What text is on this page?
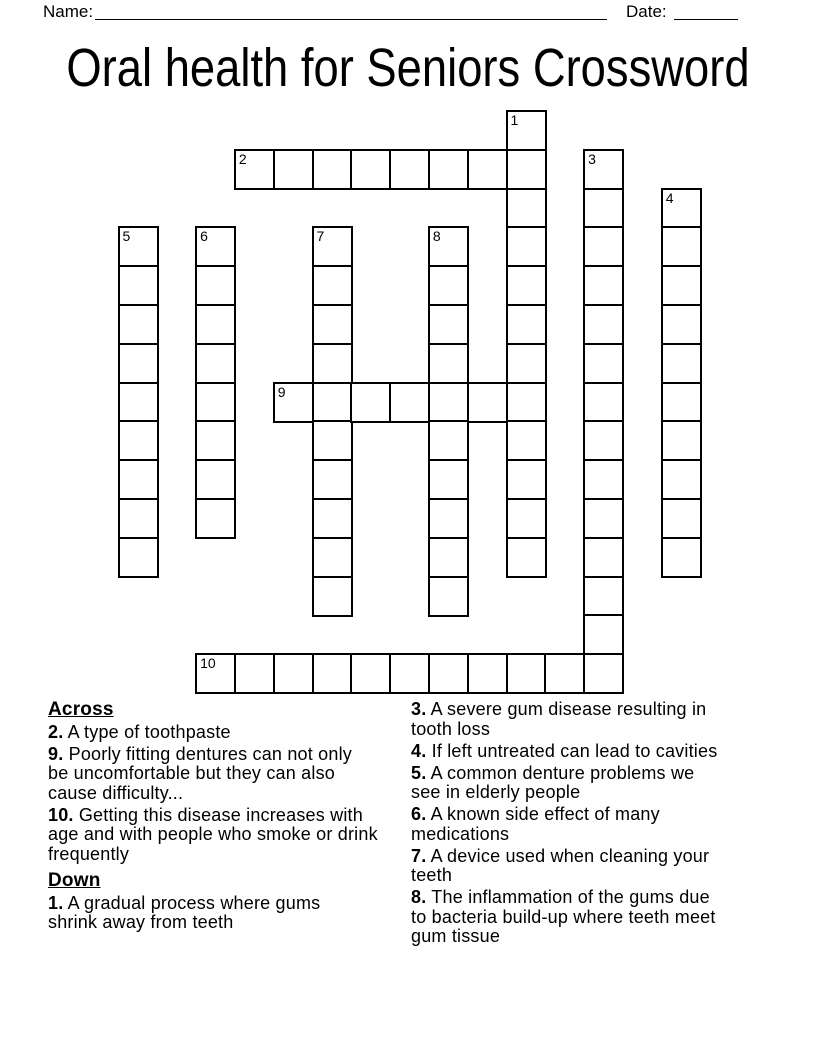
Name:	Date:
Oral health for Seniors Crossword
1
2	3
4
5	6	7	8
9
10
Across
2. A type of toothpaste
9. Poorly fitting dentures can not only be uncomfortable but they can also cause difficulty...
10. Getting this disease increases with age and with people who smoke or drink frequently
Down
1. A gradual process where gums shrink away from teeth
3. A severe gum disease resulting in tooth loss
4. If left untreated can lead to cavities
5. A common denture problems we see in elderly people
6. A known side effect of many medications
7. A device used when cleaning your teeth
8. The inflammation of the gums due to bacteria build-up where teeth meet gum tissue
